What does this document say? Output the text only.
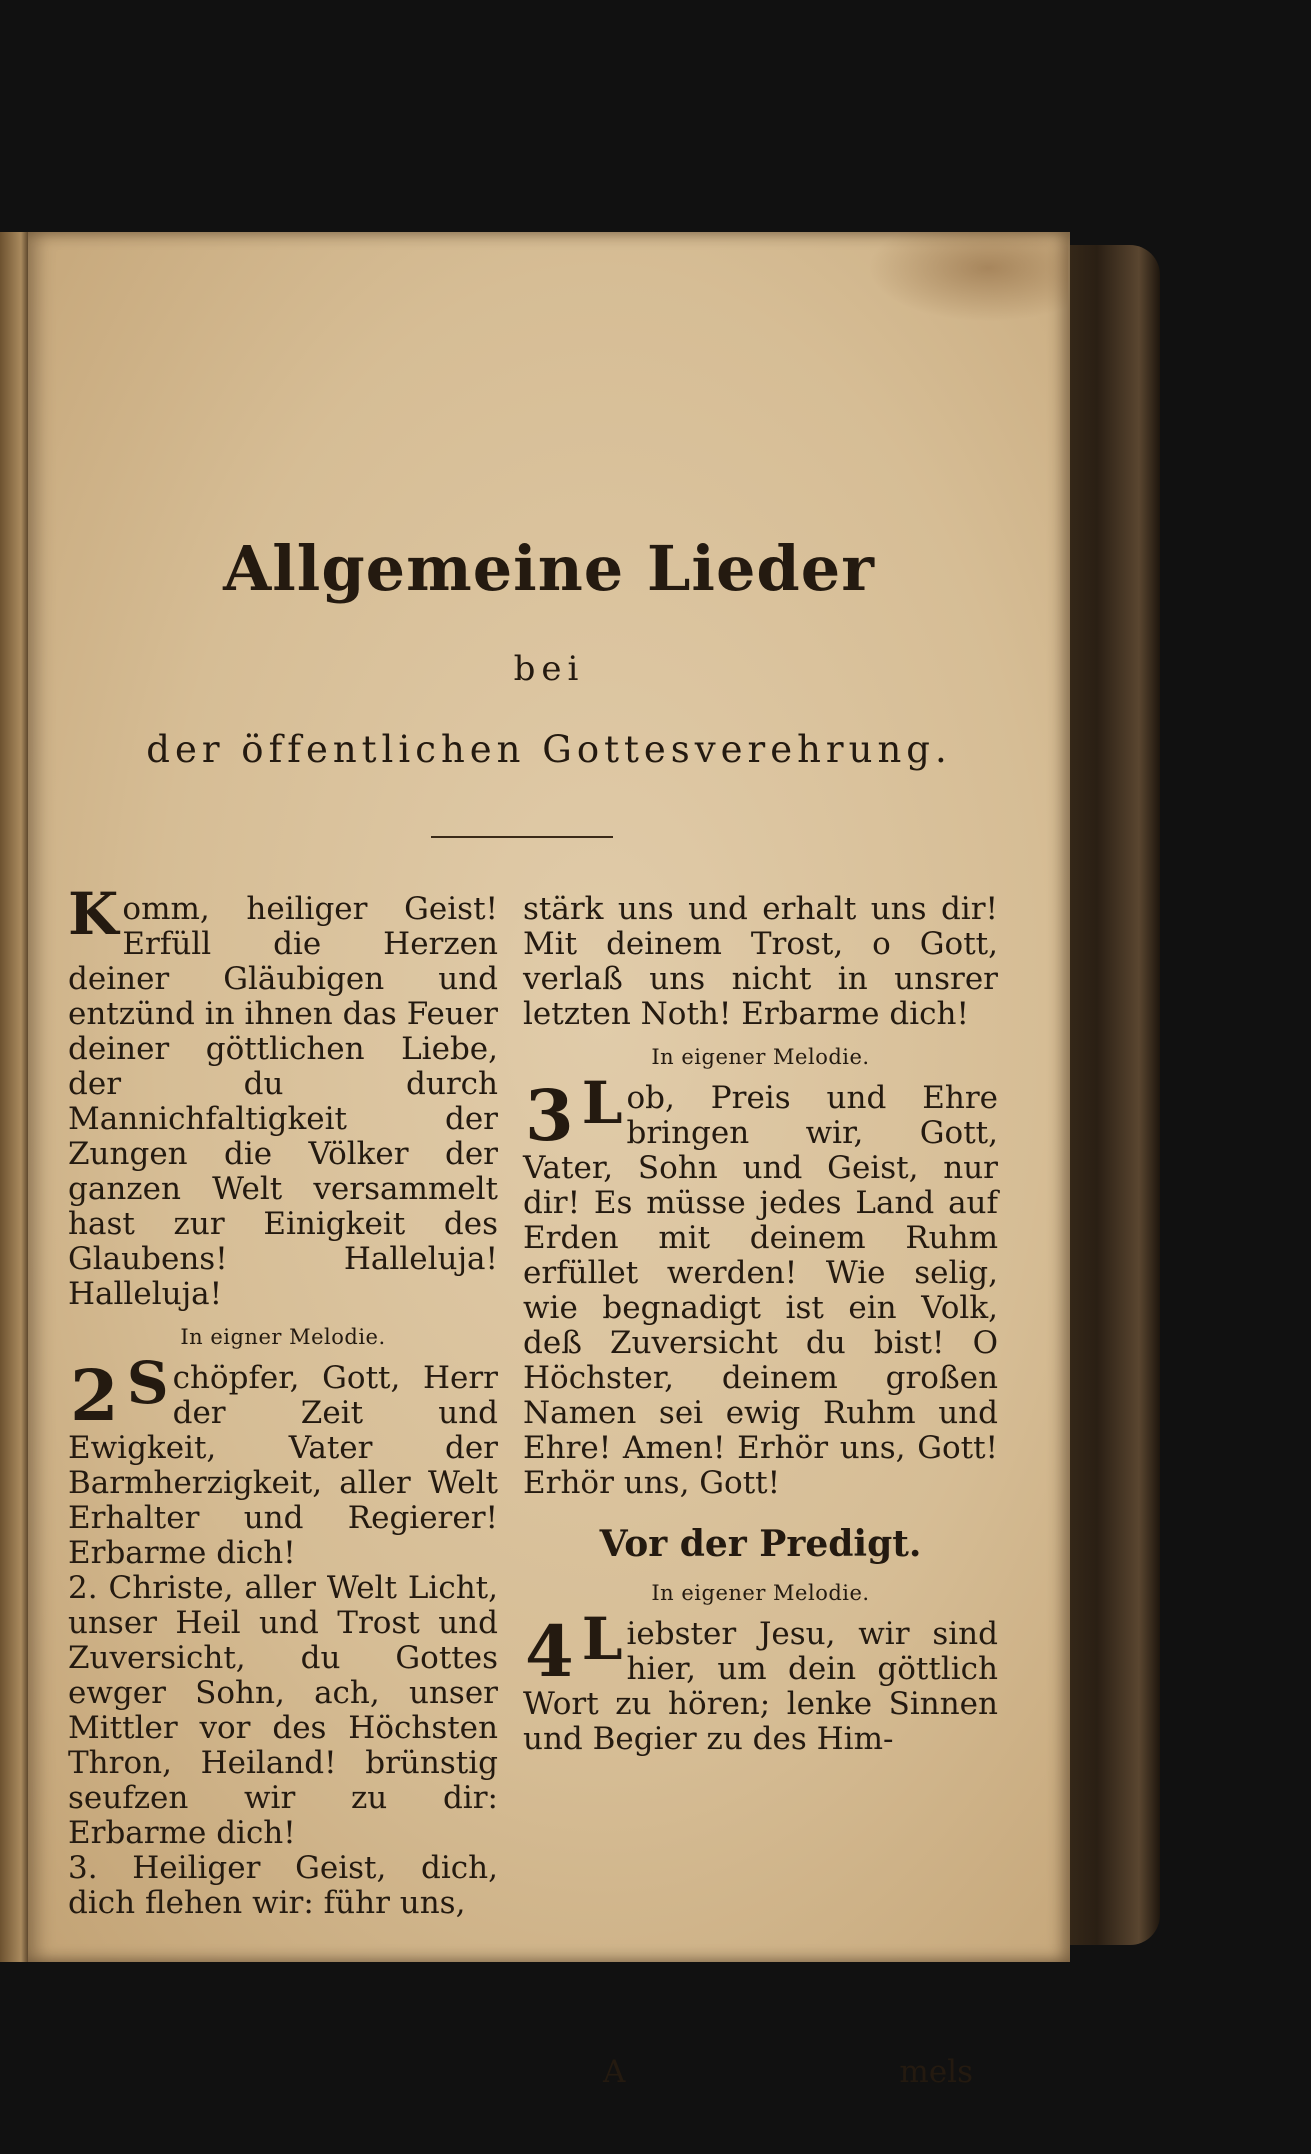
Allgemeine Lieder
bei
der öffentlichen Gottesverehrung.

Komm, heiliger Geist! Erfüll die Herzen deiner Gläubigen und entzünd in ihnen das Feuer deiner göttlichen Liebe, der du durch Mannichfaltigkeit der Zungen die Völker der ganzen Welt versammelt hast zur Einigkeit des Glaubens! Halleluja! Halleluja!

In eigner Melodie.

2 S chöpfer, Gott, Herr der Zeit und Ewigkeit, Vater der Barmherzigkeit, aller Welt Erhalter und Regierer! Erbarme dich!

2. Christe, aller Welt Licht, unser Heil und Trost und Zuversicht, du Gottes ewger Sohn, ach, unser Mittler vor des Höchsten Thron, Heiland! brünstig seufzen wir zu dir: Erbarme dich!

3. Heiliger Geist, dich, dich flehen wir: führ uns,

stärk uns und erhalt uns dir! Mit deinem Trost, o Gott, verlaß uns nicht in unsrer letzten Noth! Erbarme dich!

In eigener Melodie.

3 L ob, Preis und Ehre bringen wir, Gott, Vater, Sohn und Geist, nur dir! Es müsse jedes Land auf Erden mit deinem Ruhm erfüllet werden! Wie selig, wie begnadigt ist ein Volk, deß Zuversicht du bist! O Höchster, deinem großen Namen sei ewig Ruhm und Ehre! Amen! Erhör uns, Gott! Erhör uns, Gott!

Vor der Predigt.
In eigener Melodie.

4 L iebster Jesu, wir sind hier, um dein göttlich Wort zu hören; lenke Sinnen und Begier zu des Him-

A	mels
